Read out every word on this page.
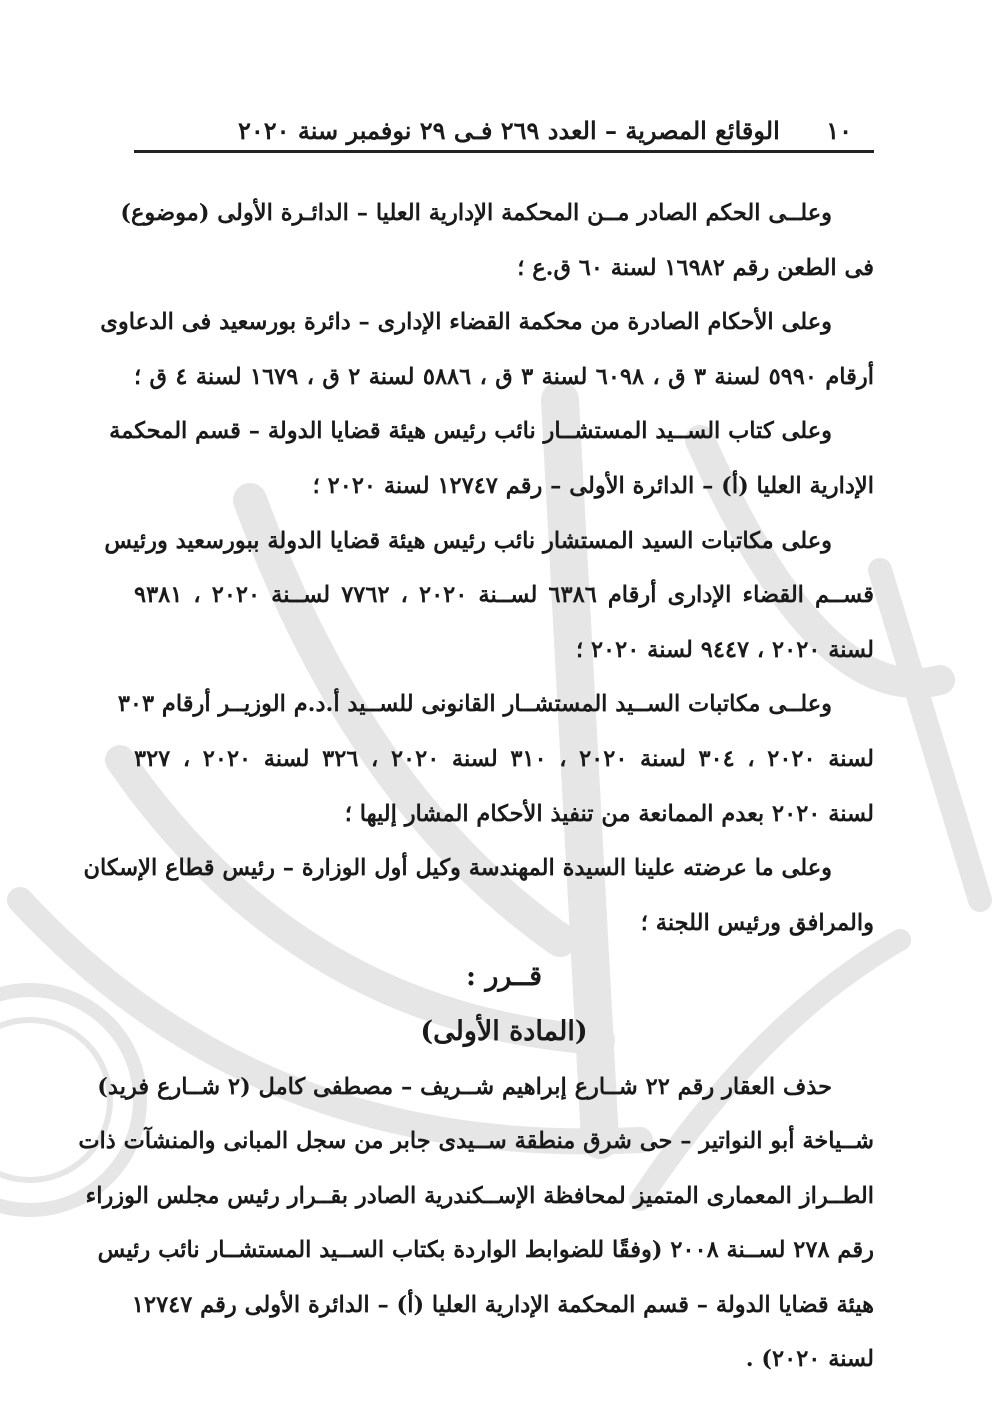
١٠
الوقائع المصرية – العدد ٢٦٩ فـى ٢٩ نوفمبر سنة ٢٠٢٠
وعلــى الحكم الصادر مــن المحكمة الإدارية العليا – الدائـرة الأولى (موضوع)
فى الطعن رقم ١٦٩٨٢ لسنة ٦٠ ق.ع ؛
وعلى الأحكام الصادرة من محكمة القضاء الإدارى – دائرة بورسعيد فى الدعاوى
أرقام ٥٩٩٠ لسنة ٣ ق ، ٦٠٩٨ لسنة ٣ ق ، ٥٨٨٦ لسنة ٢ ق ، ١٦٧٩ لسنة ٤ ق ؛
وعلى كتاب الســيد المستشــار نائب رئيس هيئة قضايا الدولة – قسم المحكمة
الإدارية العليا (أ) – الدائرة الأولى – رقم ١٢٧٤٧ لسنة ٢٠٢٠ ؛
وعلى مكاتبات السيد المستشار نائب رئيس هيئة قضايا الدولة ببورسعيد ورئيس
قســم القضاء الإدارى أرقام ٦٣٨٦ لســنة ٢٠٢٠ ، ٧٧٦٢ لســنة ٢٠٢٠ ، ٩٣٨١
لسنة ٢٠٢٠ ، ٩٤٤٧ لسنة ٢٠٢٠ ؛
وعلــى مكاتبات الســيد المستشــار القانونى للســيد أ.د.م الوزيــر أرقام ٣٠٣
لسنة ٢٠٢٠ ، ٣٠٤ لسنة ٢٠٢٠ ، ٣١٠ لسنة ٢٠٢٠ ، ٣٢٦ لسنة ٢٠٢٠ ، ٣٢٧
لسنة ٢٠٢٠ بعدم الممانعة من تنفيذ الأحكام المشار إليها ؛
وعلى ما عرضته علينا السيدة المهندسة وكيل أول الوزارة – رئيس قطاع الإسكان
والمرافق ورئيس اللجنة ؛
قــرر :
(المادة الأولى)
حذف العقار رقم ٢٢ شــارع إبراهيم شــريف – مصطفى كامل (٢ شــارع فريد)
شــياخة أبو النواتير – حى شرق منطقة ســيدى جابر من سجل المبانى والمنشآت ذات
الطــراز المعمارى المتميز لمحافظة الإســكندرية الصادر بقــرار رئيس مجلس الوزراء
رقم ٢٧٨ لســنة ٢٠٠٨ (وفقًا للضوابط الواردة بكتاب الســيد المستشــار نائب رئيس
هيئة قضايا الدولة – قسم المحكمة الإدارية العليا (أ) – الدائرة الأولى رقم ١٢٧٤٧
لسنة ٢٠٢٠) .
